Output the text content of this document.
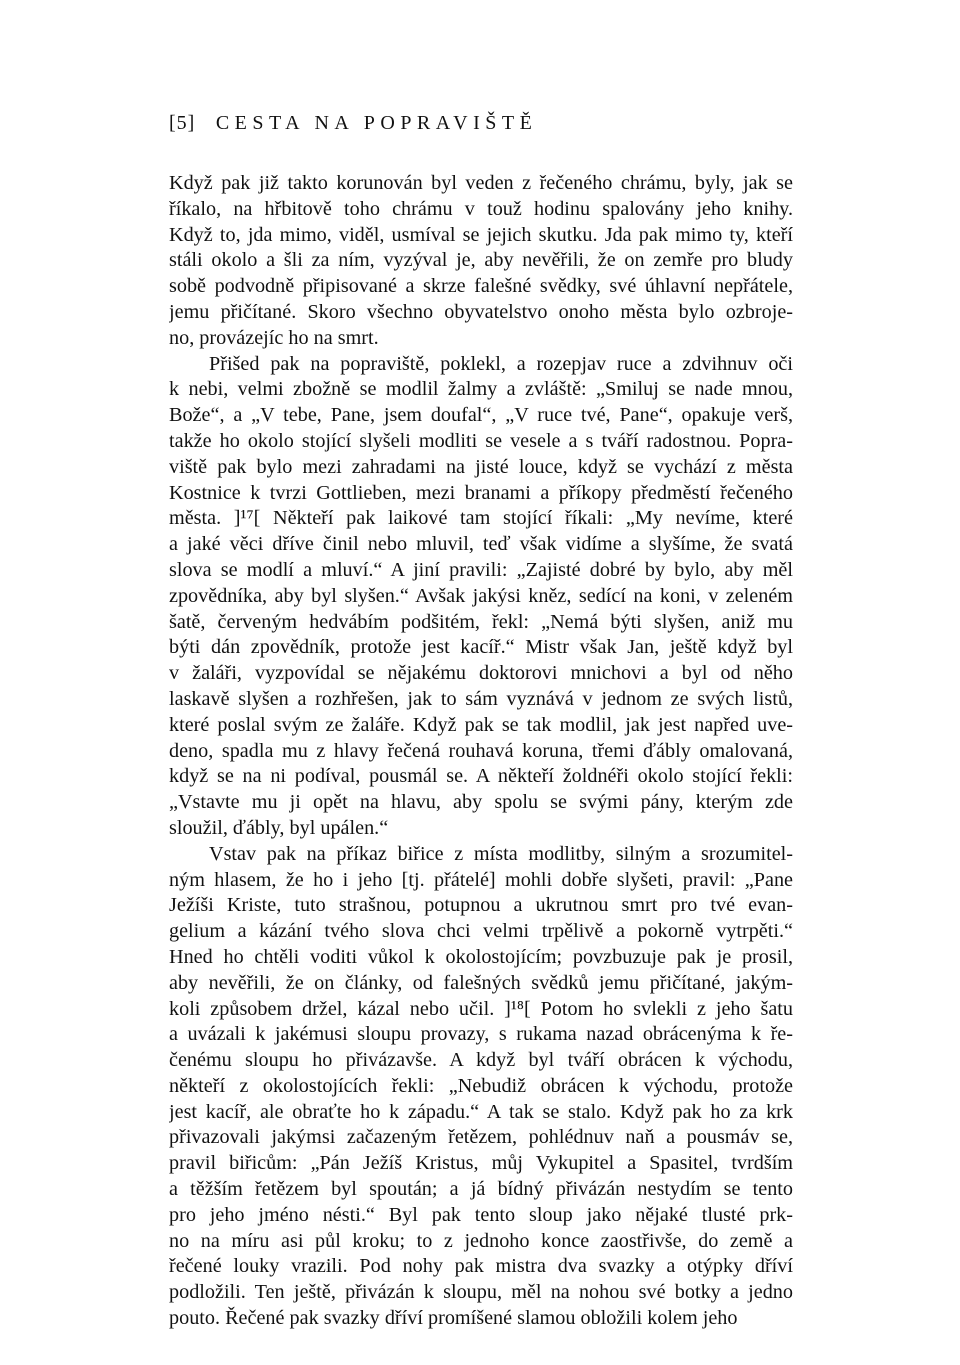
[5] CESTA NA POPRAVIŠTĚ

Když pak již takto korunován byl veden z řečeného chrámu, byly, jak se
říkalo, na hřbitově toho chrámu v touž hodinu spalovány jeho knihy.
Když to, jda mimo, viděl, usmíval se jejich skutku. Jda pak mimo ty, kteří
stáli okolo a šli za ním, vyzýval je, aby nevěřili, že on zemře pro bludy
sobě podvodně připisované a skrze falešné svědky, své úhlavní nepřátele,
jemu přičítané. Skoro všechno obyvatelstvo onoho města bylo ozbroje-
no, provázejíc ho na smrt.

Přišed pak na popraviště, poklekl, a rozepjav ruce a zdvihnuv oči
k nebi, velmi zbožně se modlil žalmy a zvláště: „Smiluj se nade mnou,
Bože“, a „V tebe, Pane, jsem doufal“, „V ruce tvé, Pane“, opakuje verš,
takže ho okolo stojící slyšeli modliti se vesele a s tváří radostnou. Popra-
viště pak bylo mezi zahradami na jisté louce, když se vychází z města
Kostnice k tvrzi Gottlieben, mezi branami a příkopy předměstí řečeného
města. ]¹⁷[ Někteří pak laikové tam stojící říkali: „My nevíme, které
a jaké věci dříve činil nebo mluvil, teď však vidíme a slyšíme, že svatá
slova se modlí a mluví.“ A jiní pravili: „Zajisté dobré by bylo, aby měl
zpovědníka, aby byl slyšen.“ Avšak jakýsi kněz, sedící na koni, v zeleném
šatě, červeným hedvábím podšitém, řekl: „Nemá býti slyšen, aniž mu
býti dán zpovědník, protože jest kacíř.“ Mistr však Jan, ještě když byl
v žaláři, vyzpovídal se nějakému doktorovi mnichovi a byl od něho
laskavě slyšen a rozhřešen, jak to sám vyznává v jednom ze svých listů,
které poslal svým ze žaláře. Když pak se tak modlil, jak jest napřed uve-
deno, spadla mu z hlavy řečená rouhavá koruna, třemi ďábly omalovaná,
když se na ni podíval, pousmál se. A někteří žoldnéři okolo stojící řekli:
„Vstavte mu ji opět na hlavu, aby spolu se svými pány, kterým zde
sloužil, ďábly, byl upálen.“

Vstav pak na příkaz biřice z místa modlitby, silným a srozumitel-
ným hlasem, že ho i jeho [tj. přátelé] mohli dobře slyšeti, pravil: „Pane
Ježíši Kriste, tuto strašnou, potupnou a ukrutnou smrt pro tvé evan-
gelium a kázání tvého slova chci velmi trpělivě a pokorně vytrpěti.“
Hned ho chtěli voditi vůkol k okolostojícím; povzbuzuje pak je prosil,
aby nevěřili, že on články, od falešných svědků jemu přičítané, jakým-
koli způsobem držel, kázal nebo učil. ]¹⁸[ Potom ho svlekli z jeho šatu
a uvázali k jakémusi sloupu provazy, s rukama nazad obrácenýma k ře-
čenému sloupu ho přivázavše. A když byl tváří obrácen k východu,
někteří z okolostojících řekli: „Nebudiž obrácen k východu, protože
jest kacíř, ale obraťte ho k západu.“ A tak se stalo. Když pak ho za krk
přivazovali jakýmsi začazeným řetězem, pohlédnuv naň a pousmáv se,
pravil biřicům: „Pán Ježíš Kristus, můj Vykupitel a Spasitel, tvrdším
a těžším řetězem byl spoután; a já bídný přivázán nestydím se tento
pro jeho jméno nésti.“ Byl pak tento sloup jako nějaké tlusté prk-
no na míru asi půl kroku; to z jednoho konce zaostřivše, do země a
řečené louky vrazili. Pod nohy pak mistra dva svazky a otýpky dříví
podložili. Ten ještě, přivázán k sloupu, měl na nohou své botky a jedno
pouto. Řečené pak svazky dříví promíšené slamou obložili kolem jeho
